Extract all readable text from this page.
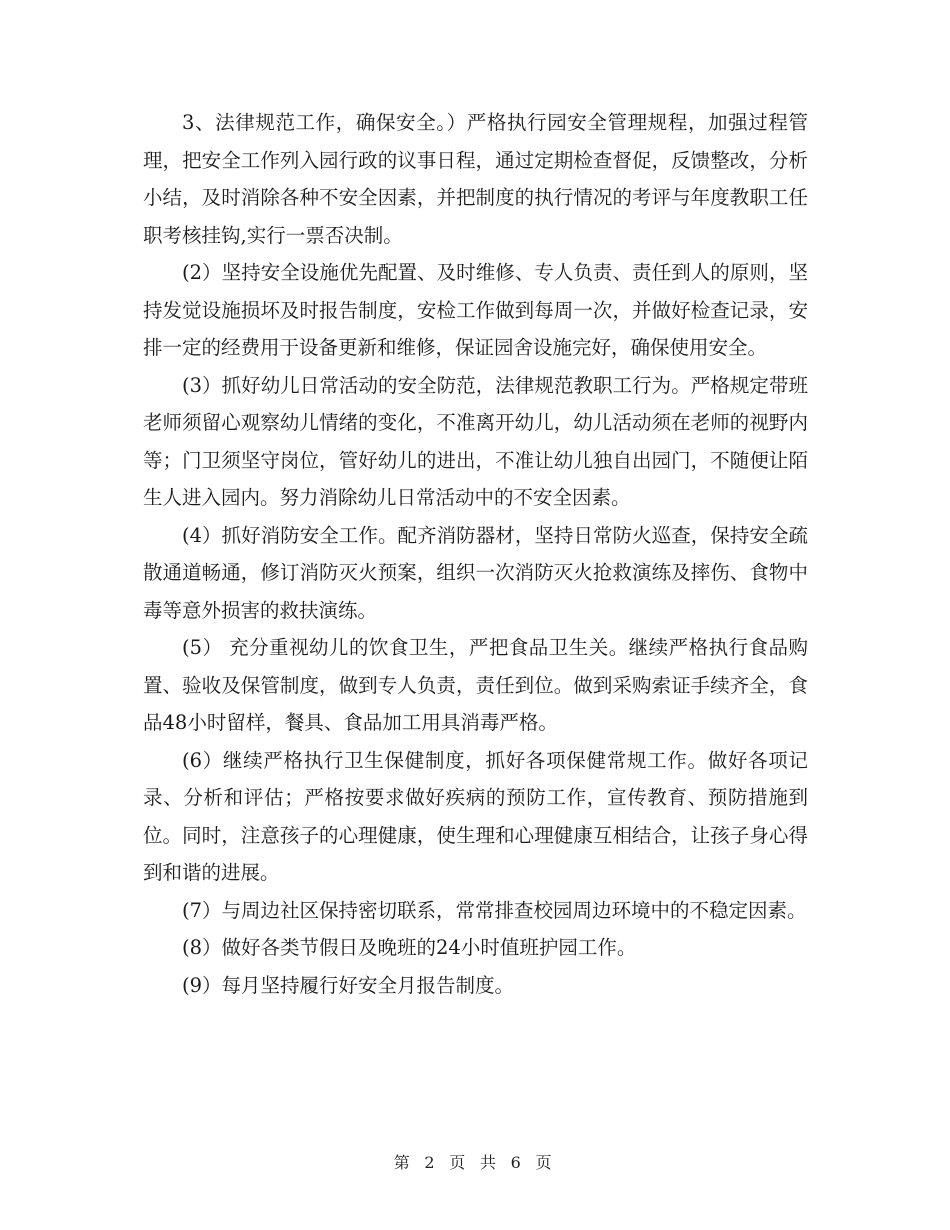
3、法律规范工作，确保安全。）严格执行园安全管理规程，加强过程管理，把安全工作列入园行政的议事日程，通过定期检查督促，反馈整改，分析小结，及时消除各种不安全因素，并把制度的执行情况的考评与年度教职工任职考核挂钩,实行一票否决制。

(2）坚持安全设施优先配置、及时维修、专人负责、责任到人的原则，坚持发觉设施损坏及时报告制度，安检工作做到每周一次，并做好检查记录，安排一定的经费用于设备更新和维修，保证园舍设施完好，确保使用安全。

(3）抓好幼儿日常活动的安全防范，法律规范教职工行为。严格规定带班老师须留心观察幼儿情绪的变化，不准离开幼儿，幼儿活动须在老师的视野内等；门卫须坚守岗位，管好幼儿的进出，不准让幼儿独自出园门，不随便让陌生人进入园内。努力消除幼儿日常活动中的不安全因素。

(4）抓好消防安全工作。配齐消防器材，坚持日常防火巡查，保持安全疏散通道畅通，修订消防灭火预案，组织一次消防灭火抢救演练及摔伤、食物中毒等意外损害的救扶演练。

(5） 充分重视幼儿的饮食卫生，严把食品卫生关。继续严格执行食品购置、验收及保管制度，做到专人负责，责任到位。做到采购索证手续齐全，食品48小时留样，餐具、食品加工用具消毒严格。

(6）继续严格执行卫生保健制度，抓好各项保健常规工作。做好各项记录、分析和评估；严格按要求做好疾病的预防工作，宣传教育、预防措施到位。同时，注意孩子的心理健康，使生理和心理健康互相结合，让孩子身心得到和谐的进展。

(7）与周边社区保持密切联系，常常排查校园周边环境中的不稳定因素。

(8）做好各类节假日及晚班的24小时值班护园工作。

(9）每月坚持履行好安全月报告制度。

第 2 页 共 6 页
